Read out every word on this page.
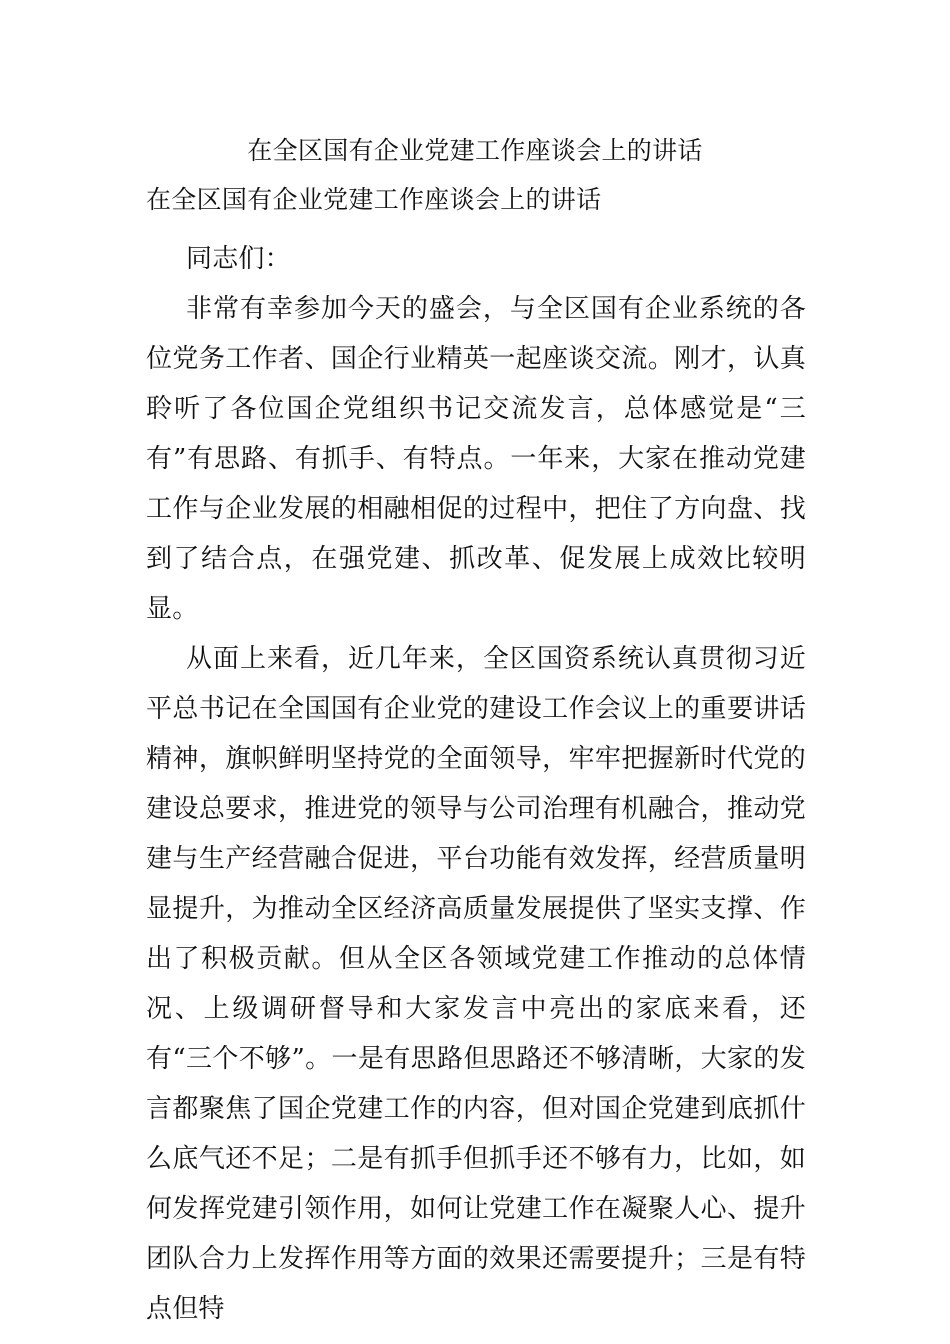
在全区国有企业党建工作座谈会上的讲话
在全区国有企业党建工作座谈会上的讲话

同志们：

非常有幸参加今天的盛会，与全区国有企业系统的各位党务工作者、国企行业精英一起座谈交流。刚才，认真聆听了各位国企党组织书记交流发言，总体感觉是“三有”有思路、有抓手、有特点。一年来，大家在推动党建工作与企业发展的相融相促的过程中，把住了方向盘、找到了结合点，在强党建、抓改革、促发展上成效比较明显。

从面上来看，近几年来，全区国资系统认真贯彻习近平总书记在全国国有企业党的建设工作会议上的重要讲话精神，旗帜鲜明坚持党的全面领导，牢牢把握新时代党的建设总要求，推进党的领导与公司治理有机融合，推动党建与生产经营融合促进，平台功能有效发挥，经营质量明显提升，为推动全区经济高质量发展提供了坚实支撑、作出了积极贡献。但从全区各领域党建工作推动的总体情况、上级调研督导和大家发言中亮出的家底来看，还有“三个不够”。一是有思路但思路还不够清晰，大家的发言都聚焦了国企党建工作的内容，但对国企党建到底抓什么底气还不足；二是有抓手但抓手还不够有力，比如，如何发挥党建引领作用，如何让党建工作在凝聚人心、提升团队合力上发挥作用等方面的效果还需要提升；三是有特点但特
